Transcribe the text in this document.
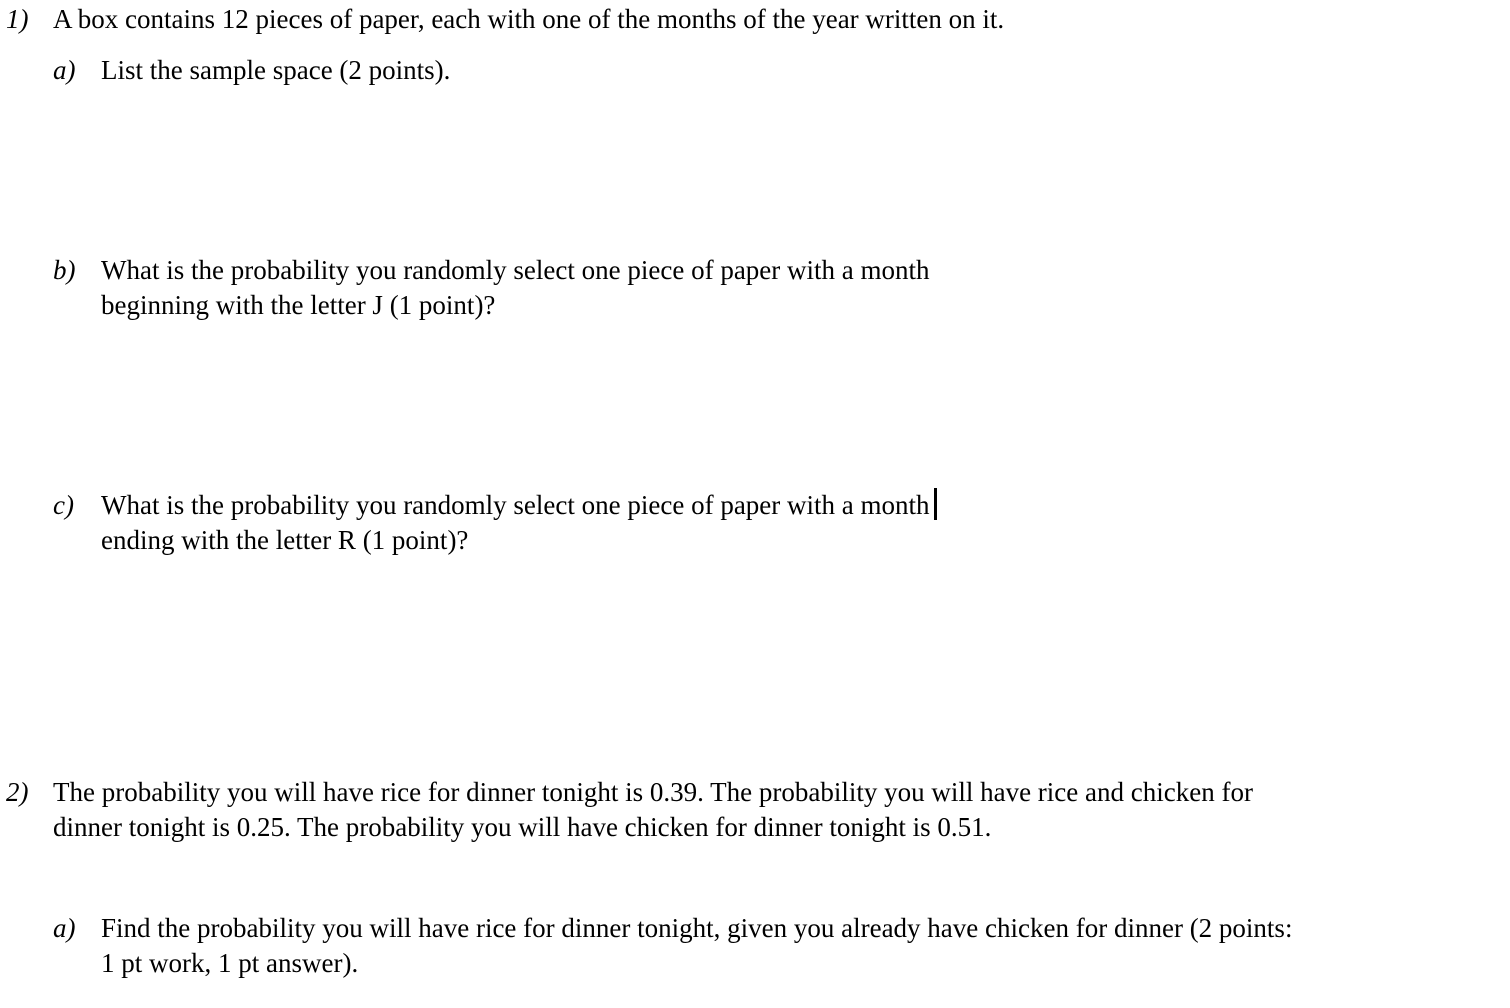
1) A box contains 12 pieces of paper, each with one of the months of the year written on it.
a) List the sample space (2 points).
b) What is the probability you randomly select one piece of paper with a month
beginning with the letter J (1 point)?
c) What is the probability you randomly select one piece of paper with a month
ending with the letter R (1 point)?
2) The probability you will have rice for dinner tonight is 0.39. The probability you will have rice and chicken for
dinner tonight is 0.25. The probability you will have chicken for dinner tonight is 0.51.
a) Find the probability you will have rice for dinner tonight, given you already have chicken for dinner (2 points:
1 pt work, 1 pt answer).
